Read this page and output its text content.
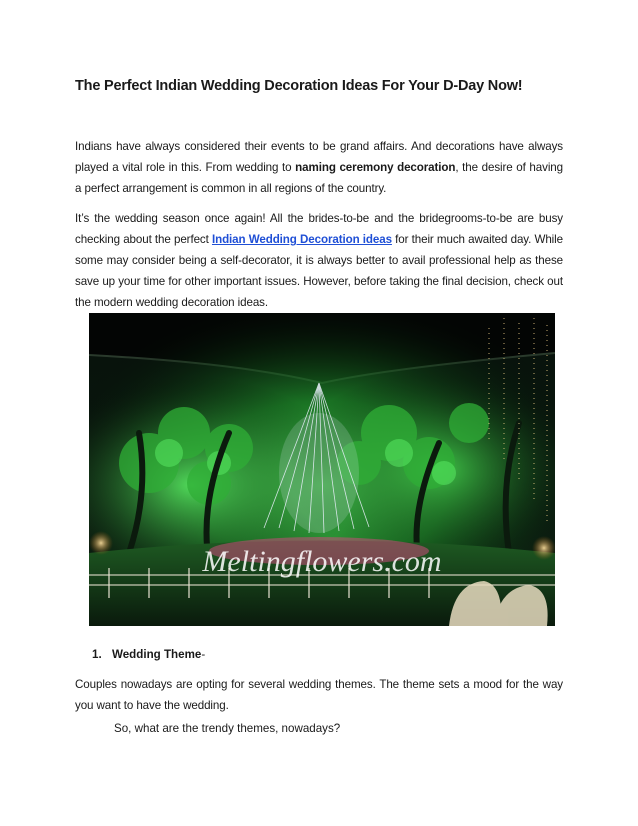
The Perfect Indian Wedding Decoration Ideas For Your D-Day Now!

Indians have always considered their events to be grand affairs. And decorations have always played a vital role in this. From wedding to naming ceremony decoration, the desire of having a perfect arrangement is common in all regions of the country.

It’s the wedding season once again! All the brides-to-be and the bridegrooms-to-be are busy checking about the perfect Indian Wedding Decoration ideas for their much awaited day. While some may consider being a self-decorator, it is always better to avail professional help as these save up your time for other important issues. However, before taking the final decision, check out the modern wedding decoration ideas.

Meltingflowers.com

1. Wedding Theme-

Couples nowadays are opting for several wedding themes. The theme sets a mood for the way you want to have the wedding.

So, what are the trendy themes, nowadays?
